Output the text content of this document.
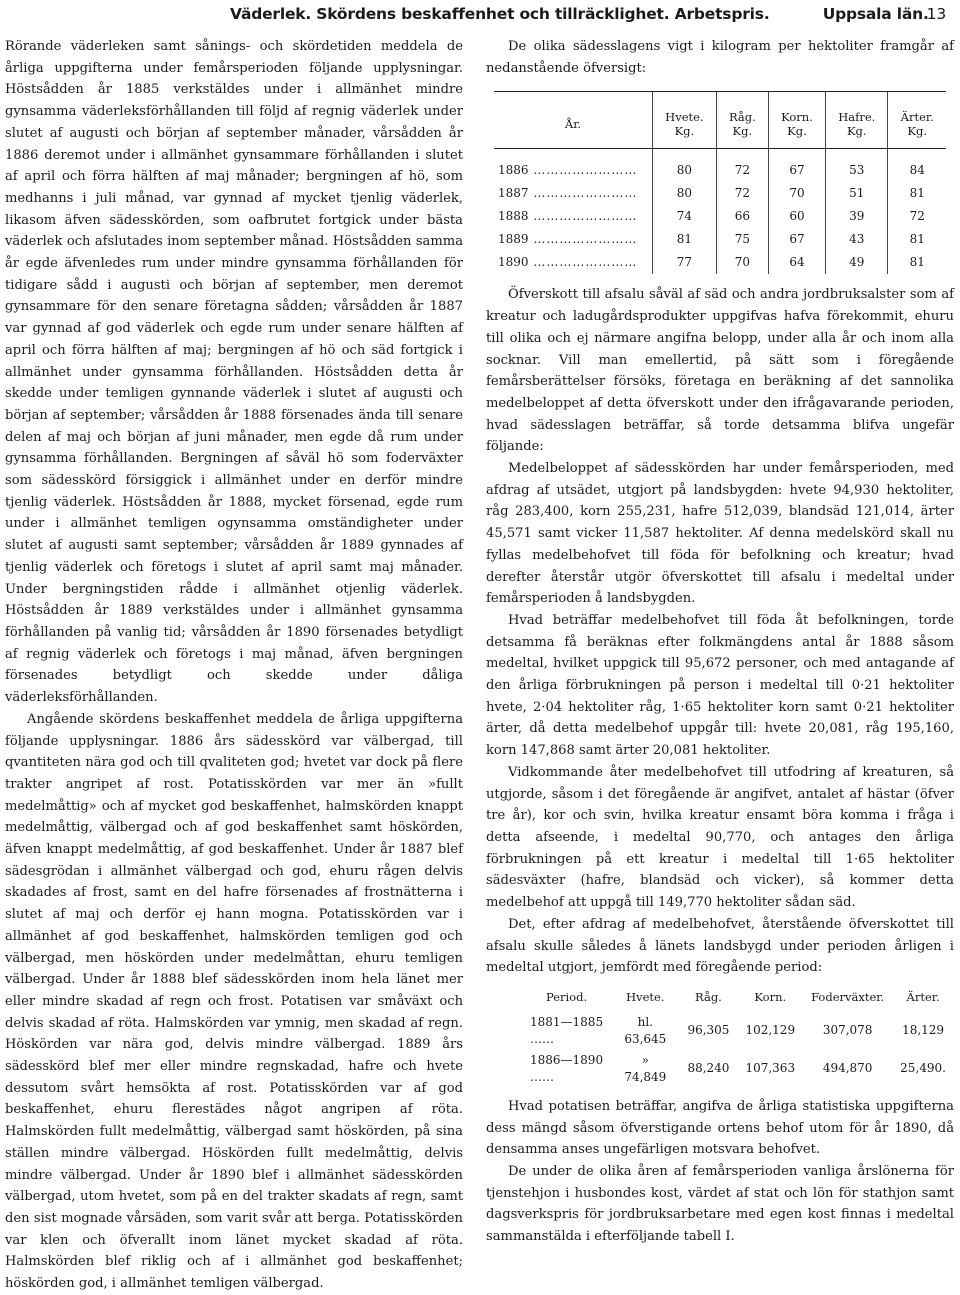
Väderlek. Skördens beskaffenhet och tillräcklighet. Arbetspris.	Uppsala län.
13

Rörande väderleken samt sånings- och skördetiden meddela de årliga uppgifterna under femårsperioden följande upplysningar. Höstsådden år 1885 verkstäldes under i allmänhet mindre gynsamma väderleksförhållanden till följd af regnig väderlek under slutet af augusti och början af september månader, vårsådden år 1886 deremot under i allmänhet gynsammare förhållanden i slutet af april och förra hälften af maj månader; bergningen af hö, som medhanns i juli månad, var gynnad af mycket tjenlig väderlek, likasom äfven sädesskörden, som oafbrutet fortgick under bästa väderlek och afslutades inom september månad. Höstsådden samma år egde äfvenledes rum under mindre gynsamma förhållanden för tidigare sådd i augusti och början af september, men deremot gynsammare för den senare företagna sådden; vårsådden år 1887 var gynnad af god väderlek och egde rum under senare hälften af april och förra hälften af maj; bergningen af hö och säd fortgick i allmänhet under gynsamma förhållanden. Höstsådden detta år skedde under temligen gynnande väderlek i slutet af augusti och början af september; vårsådden år 1888 försenades ända till senare delen af maj och början af juni månader, men egde då rum under gynsamma förhållanden. Bergningen af såväl hö som foderväxter som sädesskörd försiggick i allmänhet under en derför mindre tjenlig väderlek. Höstsådden år 1888, mycket försenad, egde rum under i allmänhet temligen ogynsamma omständigheter under slutet af augusti samt september; vårsådden år 1889 gynnades af tjenlig väderlek och företogs i slutet af april samt maj månader. Under bergningstiden rådde i allmänhet otjenlig väderlek. Höstsådden år 1889 verkstäldes under i allmänhet gynsamma förhållanden på vanlig tid; vårsådden år 1890 försenades betydligt af regnig väderlek och företogs i maj månad, äfven bergningen försenades betydligt och skedde under dåliga väderleksförhållanden.

Angående skördens beskaffenhet meddela de årliga uppgifterna följande upplysningar. 1886 års sädesskörd var välbergad, till qvantiteten nära god och till qvaliteten god; hvetet var dock på flere trakter angripet af rost. Potatisskörden var mer än »fullt medelmåttig» och af mycket god beskaffenhet, halmskörden knappt medelmåttig, välbergad och af god beskaffenhet samt höskörden, äfven knappt medelmåttig, af god beskaffenhet. Under år 1887 blef sädesgrödan i allmänhet välbergad och god, ehuru rågen delvis skadades af frost, samt en del hafre försenades af frostnätterna i slutet af maj och derför ej hann mogna. Potatisskörden var i allmänhet af god beskaffenhet, halmskörden temligen god och välbergad, men höskörden under medelmåttan, ehuru temligen välbergad. Under år 1888 blef sädesskörden inom hela länet mer eller mindre skadad af regn och frost. Potatisen var småväxt och delvis skadad af röta. Halmskörden var ymnig, men skadad af regn. Höskörden var nära god, delvis mindre välbergad. 1889 års sädesskörd blef mer eller mindre regnskadad, hafre och hvete dessutom svårt hemsökta af rost. Potatisskörden var af god beskaffenhet, ehuru flerestädes något angripen af röta. Halmskörden fullt medelmåttig, välbergad samt höskörden, på sina ställen mindre välbergad. Höskörden fullt medelmåttig, delvis mindre välbergad. Under år 1890 blef i allmänhet sädesskörden välbergad, utom hvetet, som på en del trakter skadats af regn, samt den sist mognade vårsäden, som varit svår att berga. Potatisskörden var klen och öfverallt inom länet mycket skadad af röta. Halmskörden blef riklig och af i allmänhet god beskaffenhet; höskörden god, i allmänhet temligen välbergad.

De olika sädesslagens vigt i kilogram per hektoliter framgår af nedanstående öfversigt:

År.	Hvete. Kg.	Råg. Kg.	Korn. Kg.	Hafre. Kg.	Ärter. Kg.
1886 ……………………	80	72	67	53	84
1887 ……………………	80	72	70	51	81
1888 ……………………	74	66	60	39	72
1889 ……………………	81	75	67	43	81
1890 ……………………	77	70	64	49	81

Öfverskott till afsalu såväl af säd och andra jordbruksalster som af kreatur och ladugårdsprodukter uppgifvas hafva förekommit, ehuru till olika och ej närmare angifna belopp, under alla år och inom alla socknar. Vill man emellertid, på sätt som i föregående femårsberättelser försöks, företaga en beräkning af det sannolika medelbeloppet af detta öfverskott under den ifrågavarande perioden, hvad sädesslagen beträffar, så torde detsamma blifva ungefär följande:

Medelbeloppet af sädesskörden har under femårsperioden, med afdrag af utsädet, utgjort på landsbygden: hvete 94,930 hektoliter, råg 283,400, korn 255,231, hafre 512,039, blandsäd 121,014, ärter 45,571 samt vicker 11,587 hektoliter. Af denna medelskörd skall nu fyllas medelbehofvet till föda för befolkning och kreatur; hvad derefter återstår utgör öfverskottet till afsalu i medeltal under femårsperioden å landsbygden.

Hvad beträffar medelbehofvet till föda åt befolkningen, torde detsamma få beräknas efter folkmängdens antal år 1888 såsom medeltal, hvilket uppgick till 95,672 personer, och med antagande af den årliga förbrukningen på person i medeltal till 0·21 hektoliter hvete, 2·04 hektoliter råg, 1·65 hektoliter korn samt 0·21 hektoliter ärter, då detta medelbehof uppgår till: hvete 20,081, råg 195,160, korn 147,868 samt ärter 20,081 hektoliter.

Vidkommande åter medelbehofvet till utfodring af kreaturen, så utgjorde, såsom i det föregående är angifvet, antalet af hästar (öfver tre år), kor och svin, hvilka kreatur ensamt böra komma i fråga i detta afseende, i medeltal 90,770, och antages den årliga förbrukningen på ett kreatur i medeltal till 1·65 hektoliter sädesväxter (hafre, blandsäd och vicker), så kommer detta medelbehof att uppgå till 149,770 hektoliter sådan säd.

Det, efter afdrag af medelbehofvet, återstående öfverskottet till afsalu skulle således å länets landsbygd under perioden årligen i medeltal utgjort, jemfördt med föregående period:

Period.	Hvete.	Råg.	Korn.	Foderväxter.	Ärter.
1881—1885 ……	hl. 63,645	96,305	102,129	307,078	18,129
1886—1890 ……	» 74,849	88,240	107,363	494,870	25,490.

Hvad potatisen beträffar, angifva de årliga statistiska uppgifterna dess mängd såsom öfverstigande ortens behof utom för år 1890, då densamma anses ungefärligen motsvara behofvet.

De under de olika åren af femårsperioden vanliga årslönerna för tjenstehjon i husbondes kost, värdet af stat och lön för stathjon samt dagsverkspris för jordbruksarbetare med egen kost finnas i medeltal sammanstälda i efterföljande tabell I.
